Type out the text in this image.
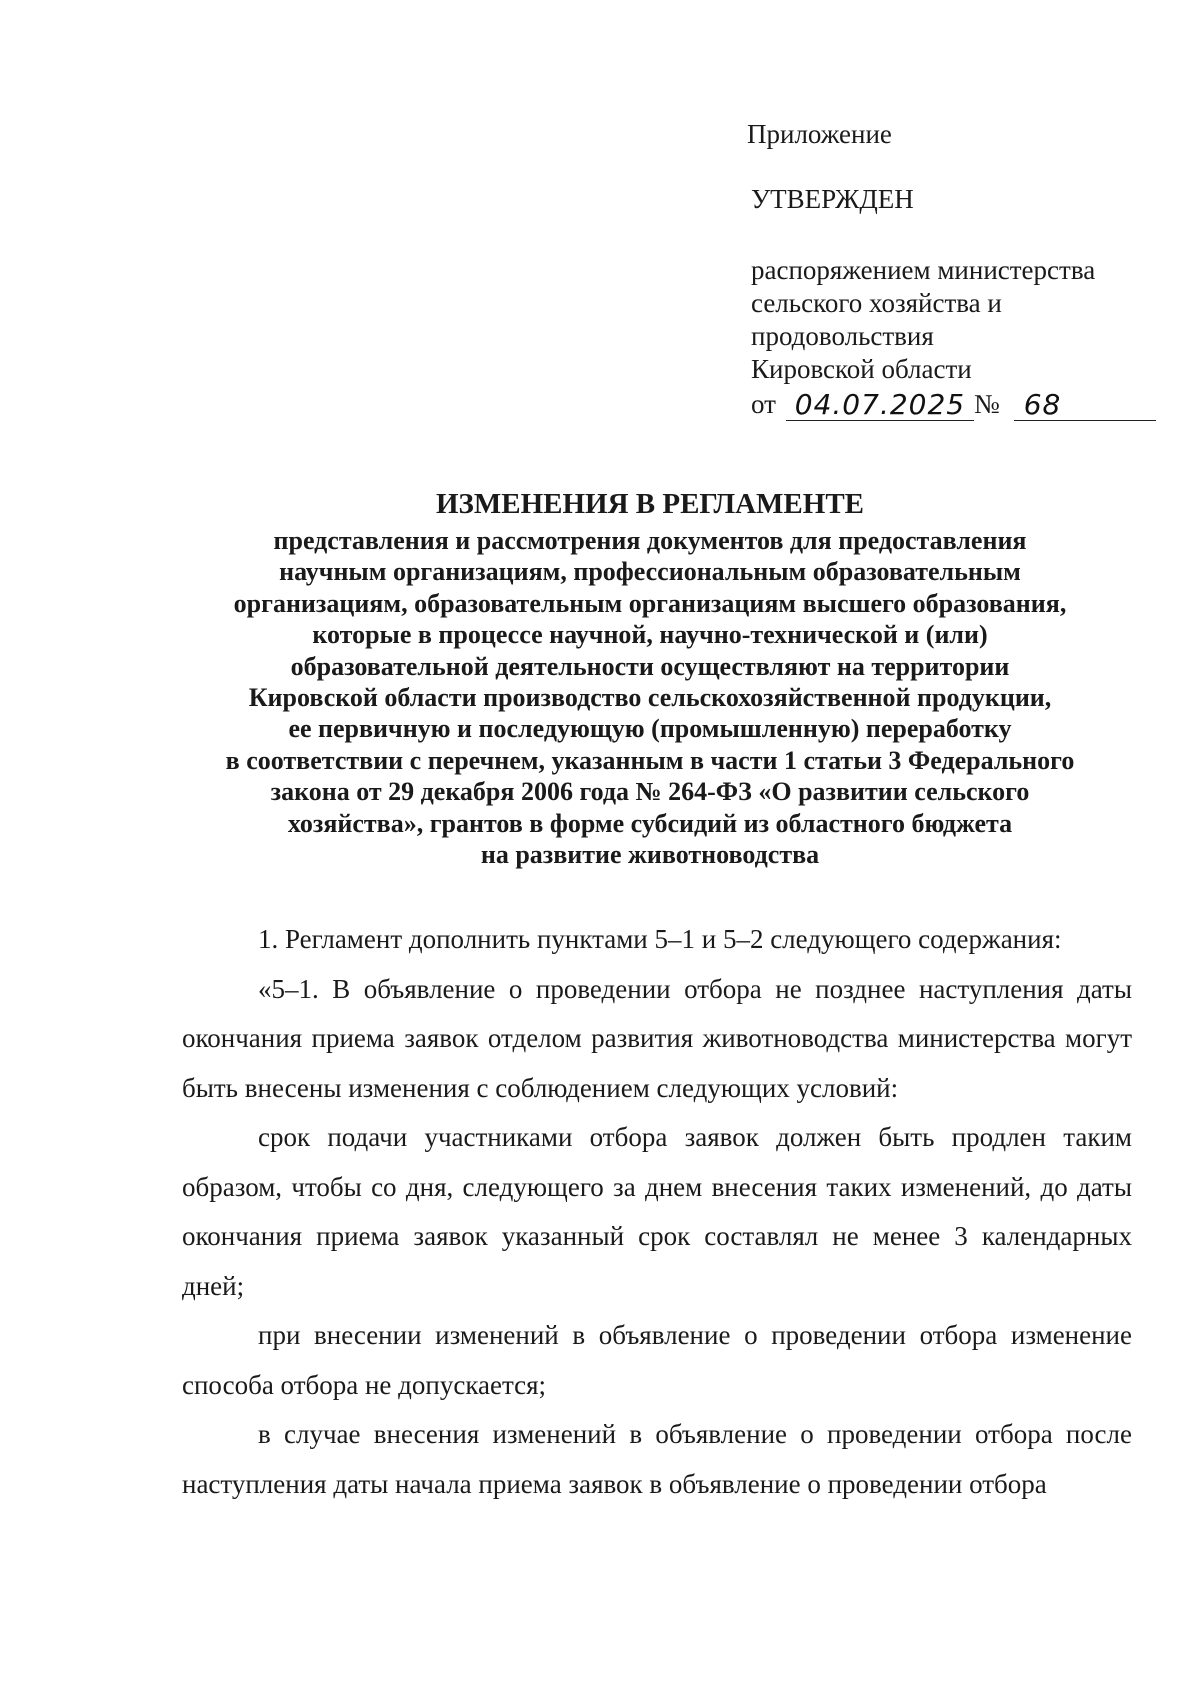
Приложение

УТВЕРЖДЕН

распоряжением министерства
сельского хозяйства и
продовольствия
Кировской области

от 04.07.2025 № 68

ИЗМЕНЕНИЯ В РЕГЛАМЕНТЕ

представления и рассмотрения документов для предоставления
научным организациям, профессиональным образовательным
организациям, образовательным организациям высшего образования,
которые в процессе научной, научно-технической и (или)
образовательной деятельности осуществляют на территории
Кировской области производство сельскохозяйственной продукции,
ее первичную и последующую (промышленную) переработку
в соответствии с перечнем, указанным в части 1 статьи 3 Федерального
закона от 29 декабря 2006 года № 264-ФЗ «О развитии сельского
хозяйства», грантов в форме субсидий из областного бюджета
на развитие животноводства

1. Регламент дополнить пунктами 5–1 и 5–2 следующего содержания:

«5–1. В объявление о проведении отбора не позднее наступления даты окончания приема заявок отделом развития животноводства министерства могут быть внесены изменения с соблюдением следующих условий:

срок подачи участниками отбора заявок должен быть продлен таким образом, чтобы со дня, следующего за днем внесения таких изменений, до даты окончания приема заявок указанный срок составлял не менее 3 календарных дней;

при внесении изменений в объявление о проведении отбора изменение способа отбора не допускается;

в случае внесения изменений в объявление о проведении отбора после наступления даты начала приема заявок в объявление о проведении отбора
